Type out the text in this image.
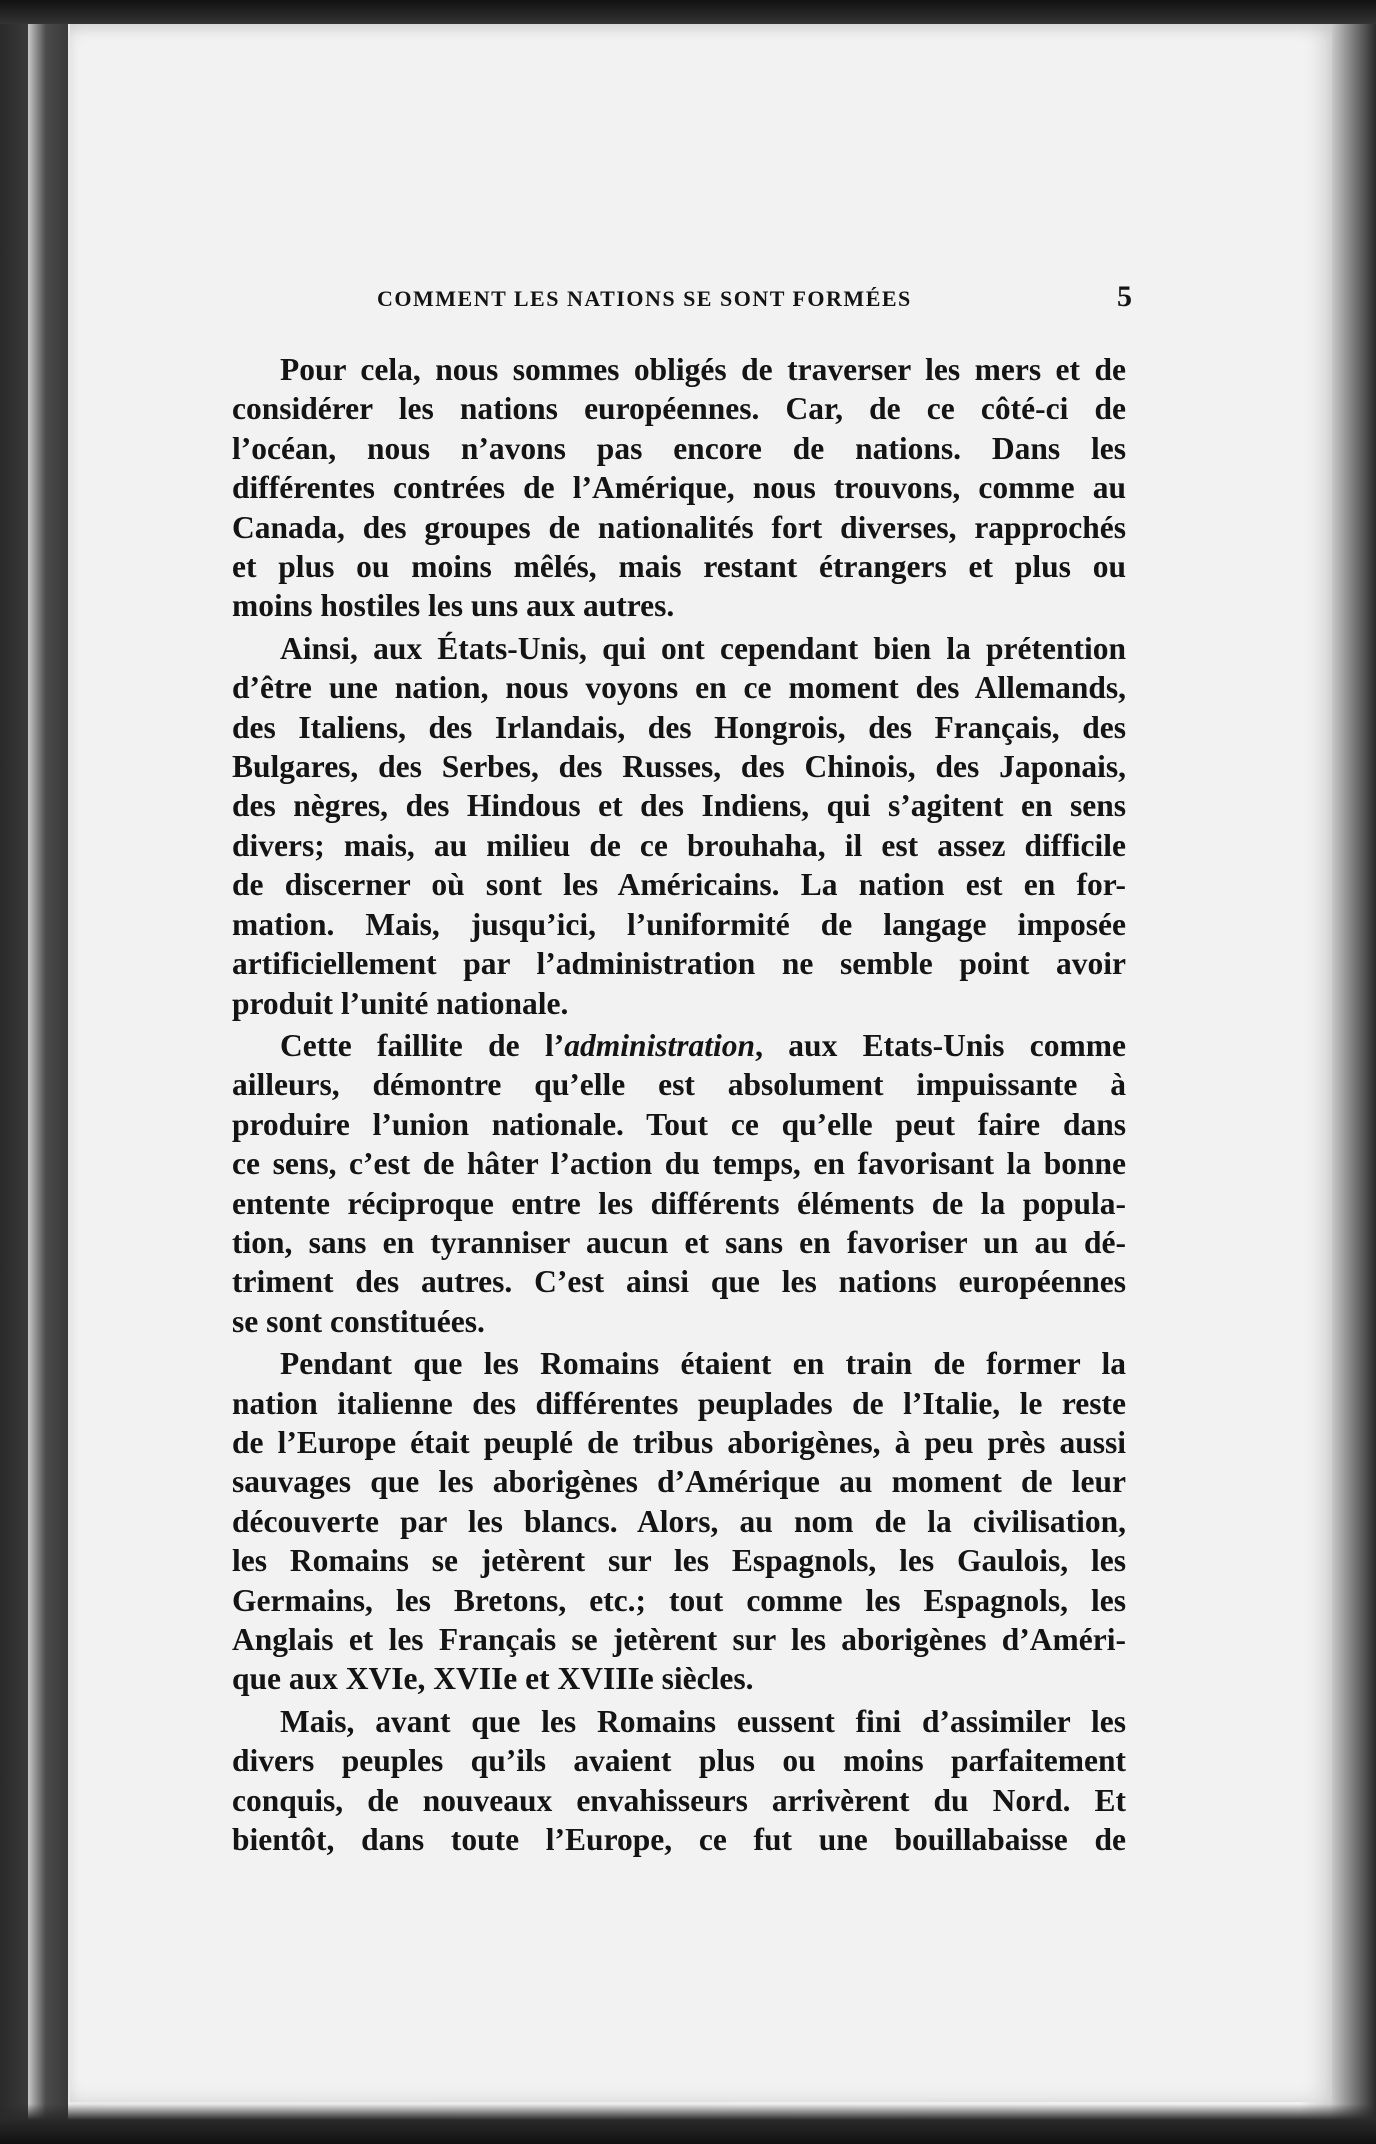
COMMENT LES NATIONS SE SONT FORMÉES	5

Pour cela, nous sommes obligés de traverser les mers et de
considérer les nations européennes. Car, de ce côté-ci de
l’océan, nous n’avons pas encore de nations. Dans les
différentes contrées de l’Amérique, nous trouvons, comme au
Canada, des groupes de nationalités fort diverses, rapprochés
et plus ou moins mêlés, mais restant étrangers et plus ou
moins hostiles les uns aux autres.

Ainsi, aux États-Unis, qui ont cependant bien la prétention
d’être une nation, nous voyons en ce moment des Allemands,
des Italiens, des Irlandais, des Hongrois, des Français, des
Bulgares, des Serbes, des Russes, des Chinois, des Japonais,
des nègres, des Hindous et des Indiens, qui s’agitent en sens
divers; mais, au milieu de ce brouhaha, il est assez difficile
de discerner où sont les Américains. La nation est en for-
mation. Mais, jusqu’ici, l’uniformité de langage imposée
artificiellement par l’administration ne semble point avoir
produit l’unité nationale.

Cette faillite de l’administration, aux Etats-Unis comme
ailleurs, démontre qu’elle est absolument impuissante à
produire l’union nationale. Tout ce qu’elle peut faire dans
ce sens, c’est de hâter l’action du temps, en favorisant la bonne
entente réciproque entre les différents éléments de la popula-
tion, sans en tyranniser aucun et sans en favoriser un au dé-
triment des autres. C’est ainsi que les nations européennes
se sont constituées.

Pendant que les Romains étaient en train de former la
nation italienne des différentes peuplades de l’Italie, le reste
de l’Europe était peuplé de tribus aborigènes, à peu près aussi
sauvages que les aborigènes d’Amérique au moment de leur
découverte par les blancs. Alors, au nom de la civilisation,
les Romains se jetèrent sur les Espagnols, les Gaulois, les
Germains, les Bretons, etc.; tout comme les Espagnols, les
Anglais et les Français se jetèrent sur les aborigènes d’Améri-
que aux XVIe, XVIIe et XVIIIe siècles.

Mais, avant que les Romains eussent fini d’assimiler les
divers peuples qu’ils avaient plus ou moins parfaitement
conquis, de nouveaux envahisseurs arrivèrent du Nord. Et
bientôt, dans toute l’Europe, ce fut une bouillabaisse de
